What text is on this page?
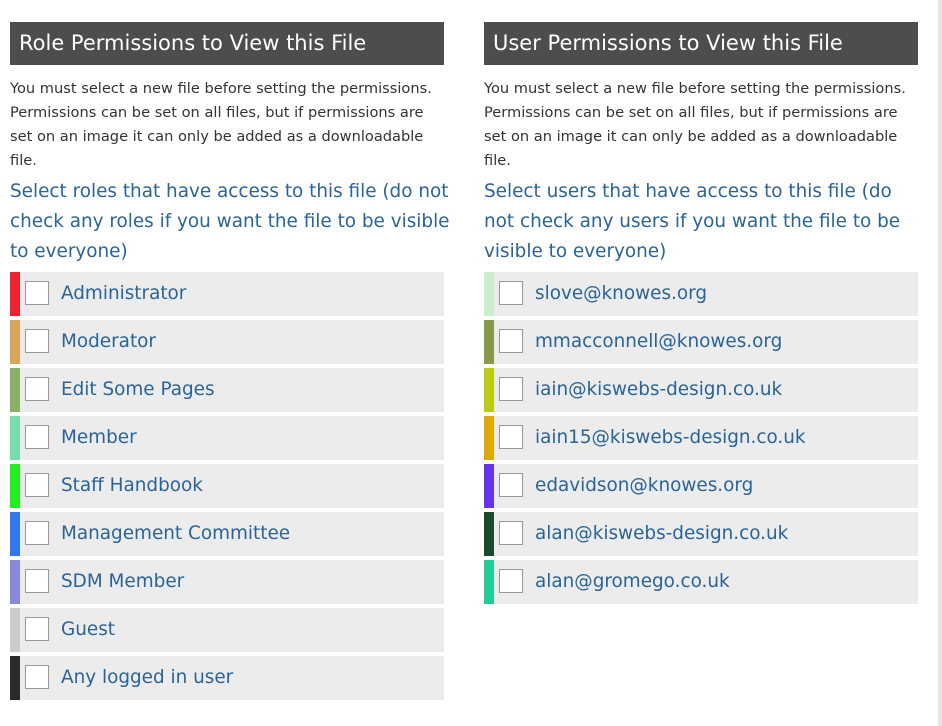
Role Permissions to View this File

You must select a new file before setting the permissions. Permissions can be set on all files, but if permissions are set on an image it can only be added as a downloadable file.

Select roles that have access to this file (do not check any roles if you want the file to be visible to everyone)

Administrator
Moderator
Edit Some Pages
Member
Staff Handbook
Management Committee
SDM Member
Guest
Any logged in user
User Permissions to View this File

You must select a new file before setting the permissions. Permissions can be set on all files, but if permissions are set on an image it can only be added as a downloadable file.

Select users that have access to this file (do not check any users if you want the file to be visible to everyone)

slove@knowes.org
mmacconnell@knowes.org
iain@kiswebs-design.co.uk
iain15@kiswebs-design.co.uk
edavidson@knowes.org
alan@kiswebs-design.co.uk
alan@gromego.co.uk
